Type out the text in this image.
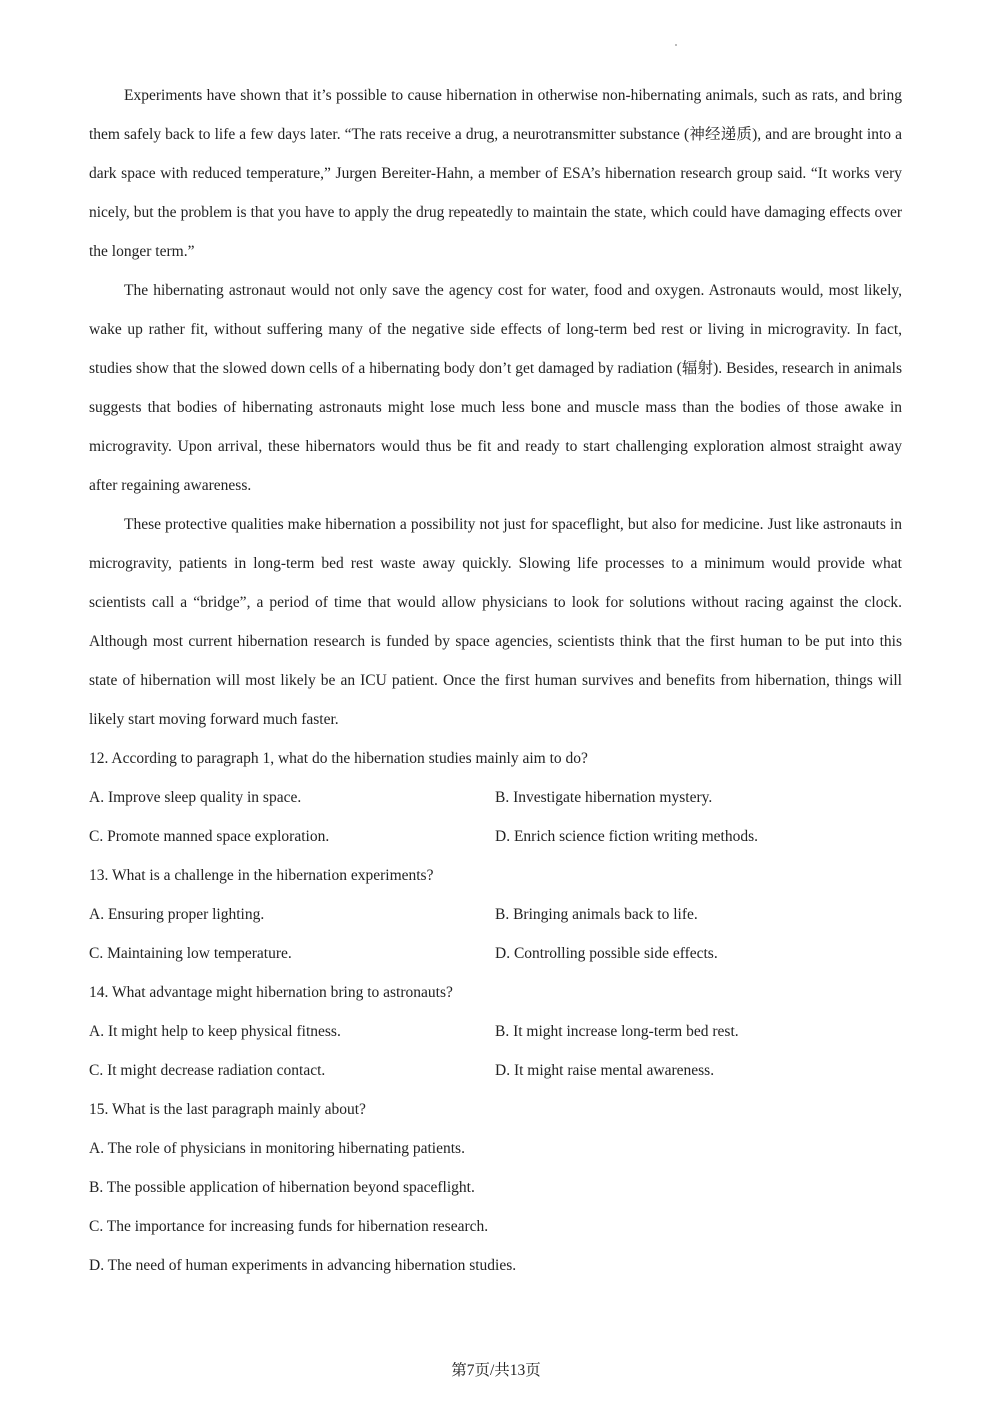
Experiments have shown that it’s possible to cause hibernation in otherwise non-hibernating animals, such as rats, and bring them safely back to life a few days later. “The rats receive a drug, a neurotransmitter substance (神经递质), and are brought into a dark space with reduced temperature,” Jurgen Bereiter-Hahn, a member of ESA’s hibernation research group said. “It works very nicely, but the problem is that you have to apply the drug repeatedly to maintain the state, which could have damaging effects over the longer term.”

The hibernating astronaut would not only save the agency cost for water, food and oxygen. Astronauts would, most likely, wake up rather fit, without suffering many of the negative side effects of long-term bed rest or living in microgravity. In fact, studies show that the slowed down cells of a hibernating body don’t get damaged by radiation (辐射). Besides, research in animals suggests that bodies of hibernating astronauts might lose much less bone and muscle mass than the bodies of those awake in microgravity. Upon arrival, these hibernators would thus be fit and ready to start challenging exploration almost straight away after regaining awareness.

These protective qualities make hibernation a possibility not just for spaceflight, but also for medicine. Just like astronauts in microgravity, patients in long-term bed rest waste away quickly. Slowing life processes to a minimum would provide what scientists call a “bridge”, a period of time that would allow physicians to look for solutions without racing against the clock. Although most current hibernation research is funded by space agencies, scientists think that the first human to be put into this state of hibernation will most likely be an ICU patient. Once the first human survives and benefits from hibernation, things will likely start moving forward much faster.

12. According to paragraph 1, what do the hibernation studies mainly aim to do?

A. Improve sleep quality in space.	B. Investigate hibernation mystery.

C. Promote manned space exploration.	D. Enrich science fiction writing methods.

13. What is a challenge in the hibernation experiments?

A. Ensuring proper lighting.	B. Bringing animals back to life.

C. Maintaining low temperature.	D. Controlling possible side effects.

14. What advantage might hibernation bring to astronauts?

A. It might help to keep physical fitness.	B. It might increase long-term bed rest.

C. It might decrease radiation contact.	D. It might raise mental awareness.

15. What is the last paragraph mainly about?

A. The role of physicians in monitoring hibernating patients.

B. The possible application of hibernation beyond spaceflight.

C. The importance for increasing funds for hibernation research.

D. The need of human experiments in advancing hibernation studies.

第7页/共13页
